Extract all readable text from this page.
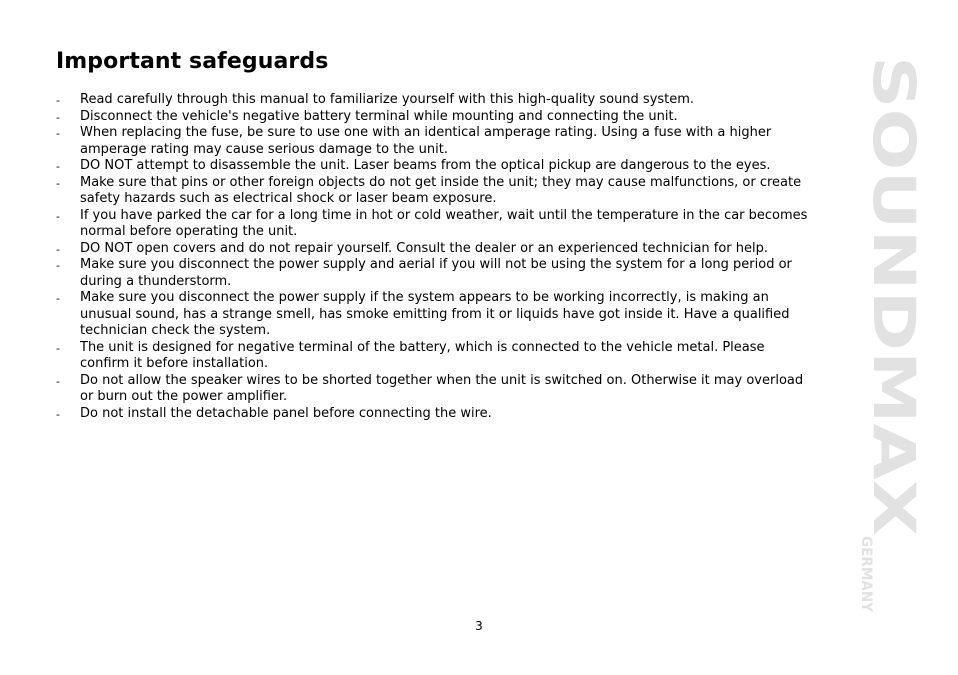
Important safeguards
-	Read carefully through this manual to familiarize yourself with this high-quality sound system.
-	Disconnect the vehicle's negative battery terminal while mounting and connecting the unit.
-	When replacing the fuse, be sure to use one with an identical amperage rating. Using a fuse with a higher amperage rating may cause serious damage to the unit.
-	DO NOT attempt to disassemble the unit. Laser beams from the optical pickup are dangerous to the eyes.
-	Make sure that pins or other foreign objects do not get inside the unit; they may cause malfunctions, or create safety hazards such as electrical shock or laser beam exposure.
-	If you have parked the car for a long time in hot or cold weather, wait until the temperature in the car becomes normal before operating the unit.
-	DO NOT open covers and do not repair yourself. Consult the dealer or an experienced technician for help.
-	Make sure you disconnect the power supply and aerial if you will not be using the system for a long period or during a thunderstorm.
-	Make sure you disconnect the power supply if the system appears to be working incorrectly, is making an unusual sound, has a strange smell, has smoke emitting from it or liquids have got inside it. Have a qualified technician check the system.
-	The unit is designed for negative terminal of the battery, which is connected to the vehicle metal. Please confirm it before installation.
-	Do not allow the speaker wires to be shorted together when the unit is switched on. Otherwise it may overload or burn out the power amplifier.
-	Do not install the detachable panel before connecting the wire.	SOUNDMAX
GERMANY
3
